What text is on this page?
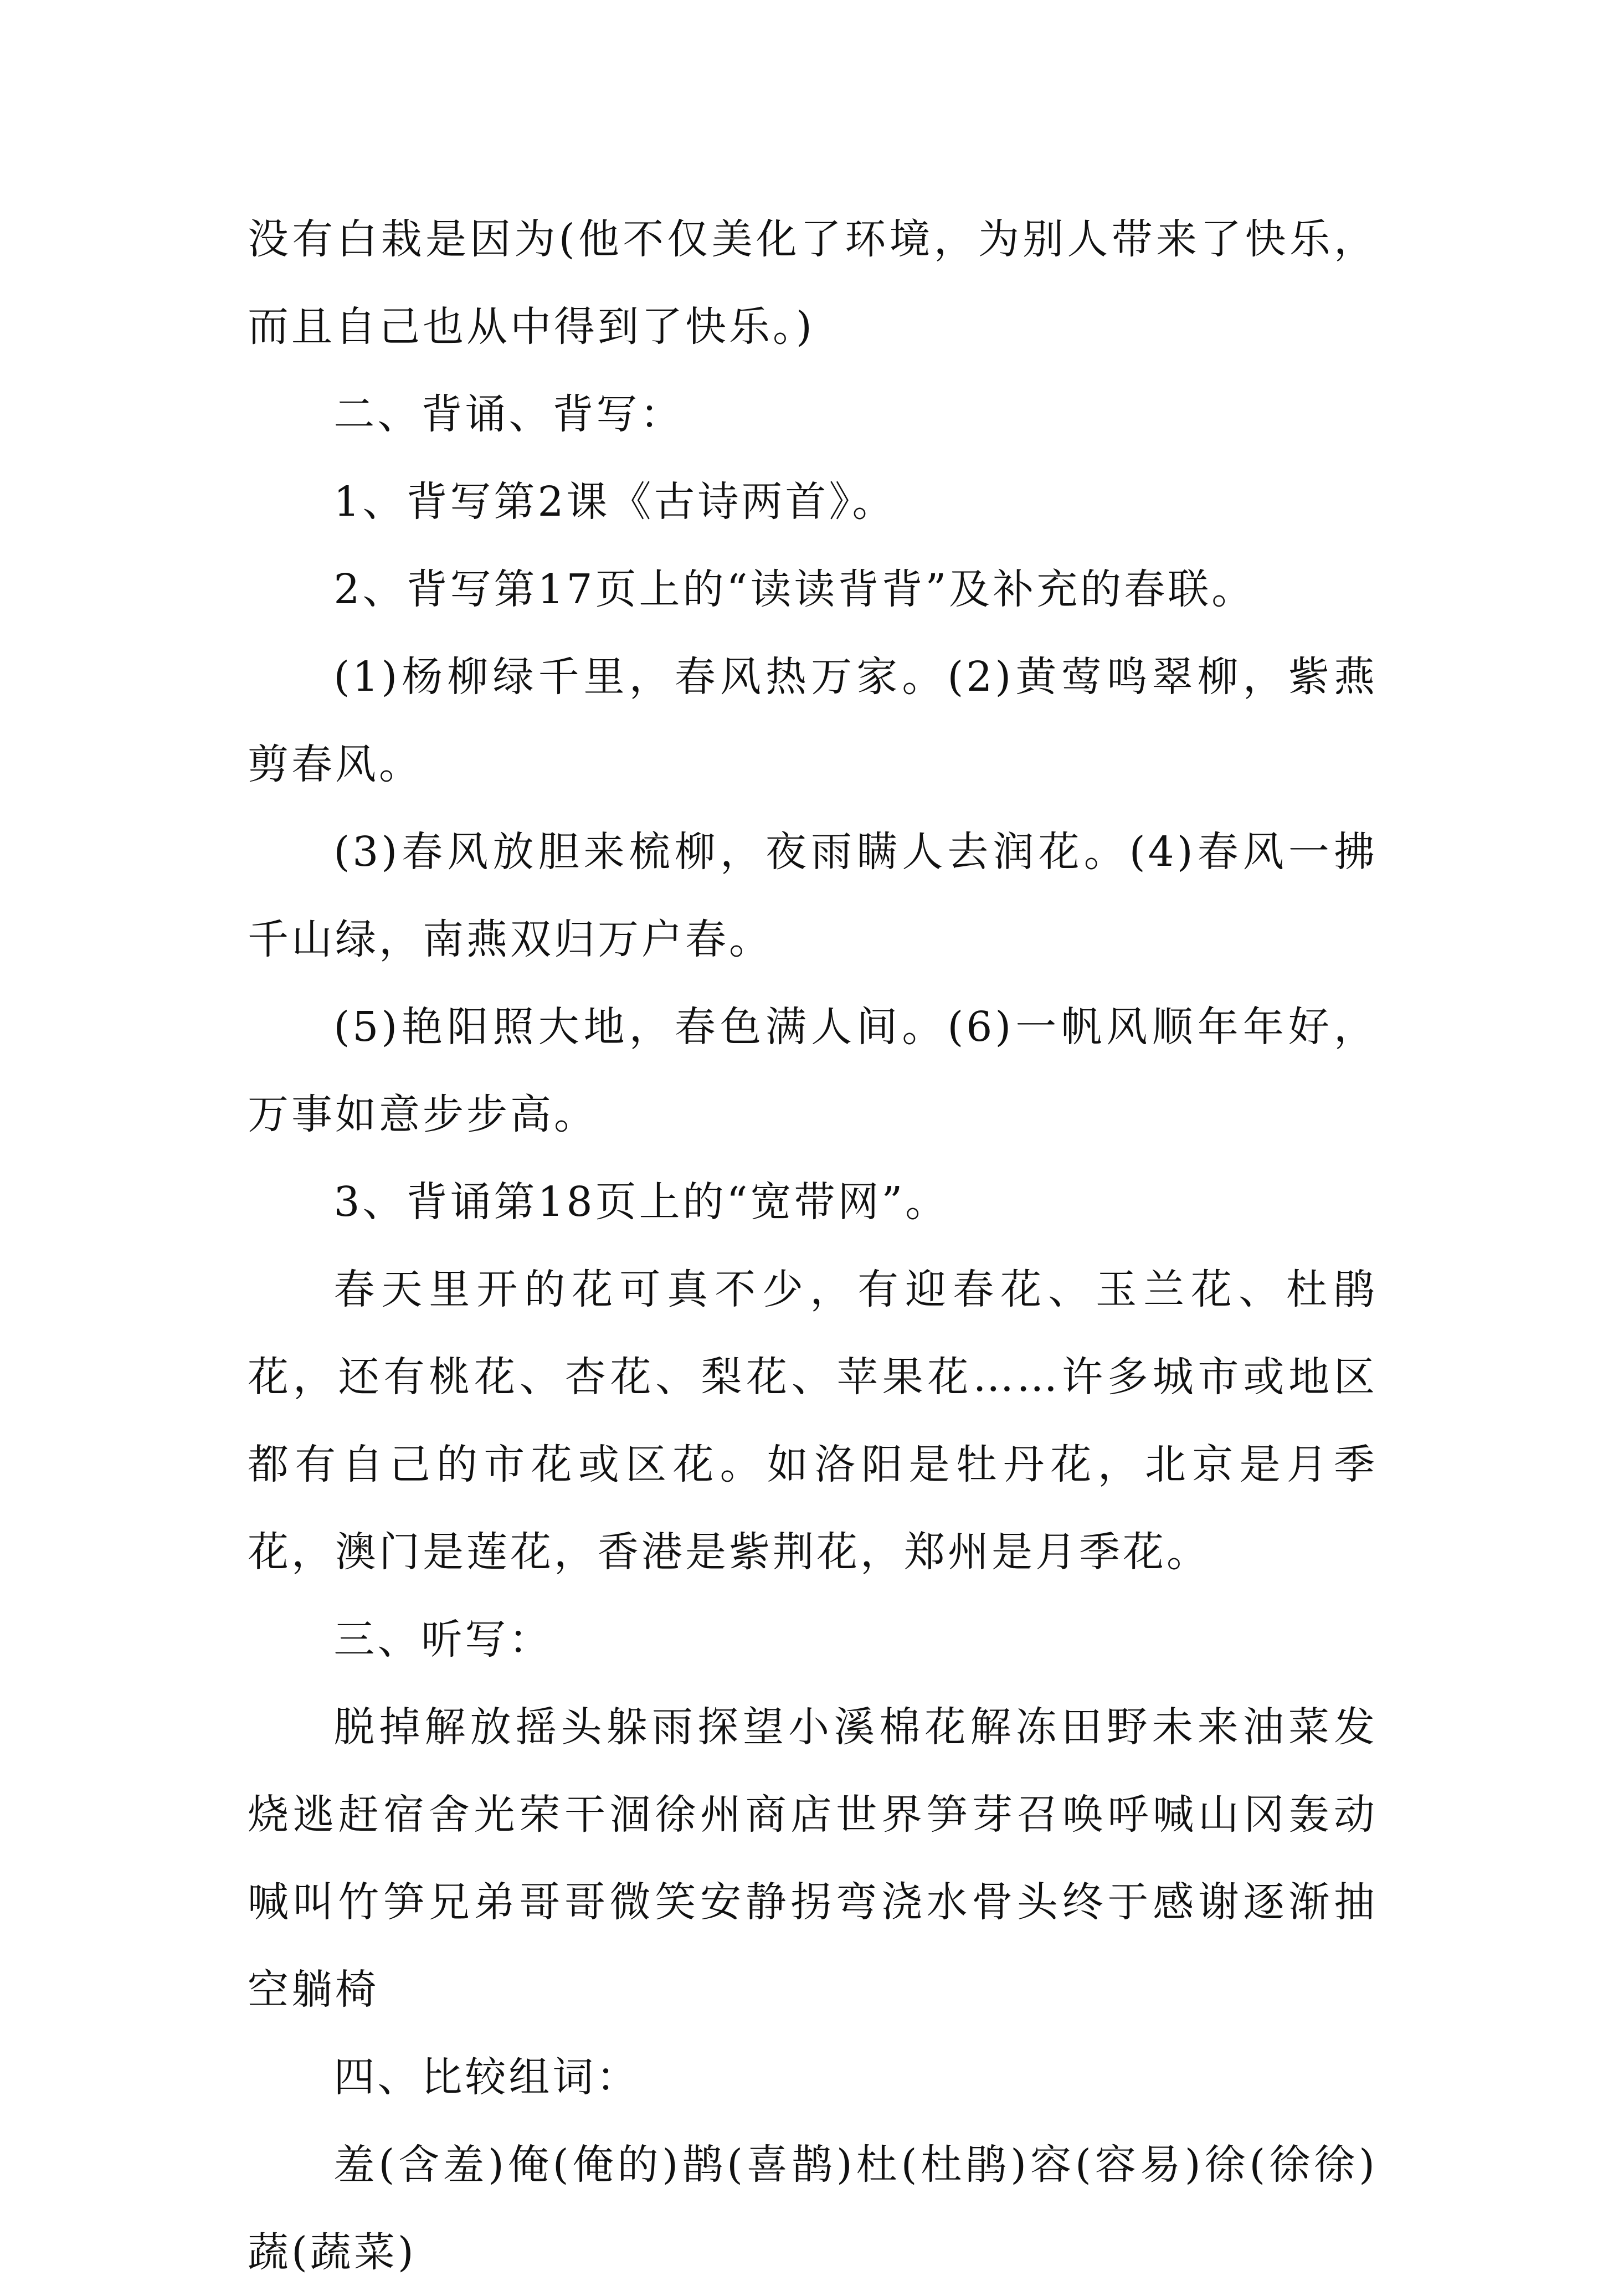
没有白栽是因为(他不仅美化了环境，为别人带来了快乐，而且自己也从中得到了快乐。)

二、背诵、背写：

1、背写第2课《古诗两首》。

2、背写第17页上的“读读背背”及补充的春联。

(1)杨柳绿千里，春风热万家。(2)黄莺鸣翠柳，紫燕剪春风。

(3)春风放胆来梳柳，夜雨瞒人去润花。(4)春风一拂千山绿，南燕双归万户春。

(5)艳阳照大地，春色满人间。(6)一帆风顺年年好，万事如意步步高。

3、背诵第18页上的“宽带网”。

春天里开的花可真不少，有迎春花、玉兰花、杜鹃花，还有桃花、杏花、梨花、苹果花……许多城市或地区都有自己的市花或区花。如洛阳是牡丹花，北京是月季花，澳门是莲花，香港是紫荆花，郑州是月季花。

三、听写：

脱掉解放摇头躲雨探望小溪棉花解冻田野未来油菜发烧逃赶宿舍光荣干涸徐州商店世界笋芽召唤呼喊山冈轰动喊叫竹笋兄弟哥哥微笑安静拐弯浇水骨头终于感谢逐渐抽空躺椅

四、比较组词：

羞(含羞)俺(俺的)鹊(喜鹊)杜(杜鹃)容(容易)徐(徐徐)蔬(蔬菜)
